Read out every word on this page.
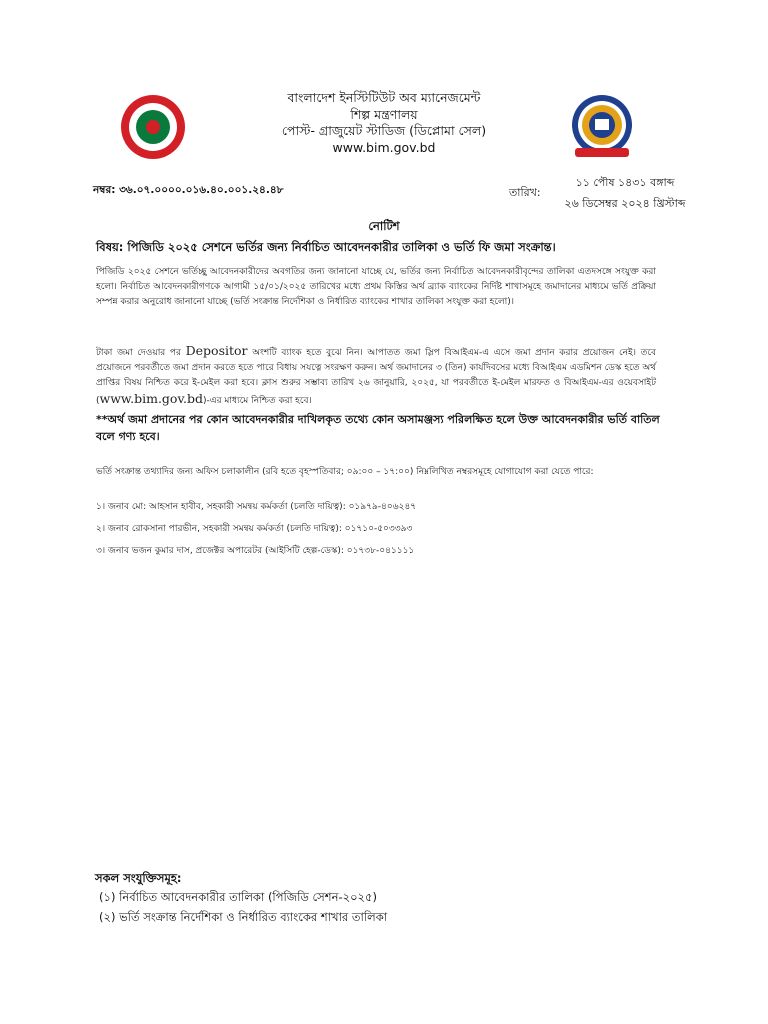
বাংলাদেশ ইনস্টিটিউট অব ম্যানেজমেন্ট
শিল্প মন্ত্রণালয়
পোস্ট- গ্রাজুয়েট স্টাডিজ (ডিপ্লোমা সেল)
www.bim.gov.bd
নম্বর: ৩৬.০৭.০০০০.০১৬.৪০.০০১.২৪.৪৮	তারিখ:
১১ পৌষ ১৪৩১ বঙ্গাব্দ
২৬ ডিসেম্বর ২০২৪ খ্রিস্টাব্দ
নোটিশ
বিষয়: পিজিডি ২০২৫ সেশনে ভর্তির জন্য নির্বাচিত আবেদনকারীর তালিকা ও ভর্তি ফি জমা সংক্রান্ত।
পিজিডি ২০২৫ সেশনে ভর্তিচ্ছু আবেদনকারীদের অবগতির জন্য জানানো যাচ্ছে যে, ভর্তির জন্য নির্বাচিত আবেদনকারীবৃন্দের তালিকা এতদসঙ্গে সংযুক্ত করা হলো। নির্বাচিত আবেদনকারীগণকে আগামী ১৫/০১/২০২৫ তারিখের মধ্যে প্রথম কিস্তির অর্থ ব্র্যাক ব্যাংকের নির্দিষ্ট শাখাসমূহে জমাদানের মাধ্যমে ভর্তি প্রক্রিয়া সম্পন্ন করার অনুরোধ জানানো যাচ্ছে (ভর্তি সংক্রান্ত নির্দেশিকা ও নির্ধারিত ব্যাংকের শাখার তালিকা সংযুক্ত করা হলো)।
টাকা জমা দেওয়ার পর Depositor অংশটি ব্যাংক হতে বুঝে নিন। আপাতত জমা স্লিপ বিআইএম-এ এসে জমা প্রদান করার প্রয়োজন নেই। তবে প্রয়োজনে পরবর্তীতে জমা প্রদান করতে হতে পারে বিধায় সযত্নে সংরক্ষণ করুন। অর্থ জমাদানের ৩ (তিন) কার্যদিবসের মধ্যে বিআইএম এডমিশন ডেস্ক হতে অর্থ প্রাপ্তির বিষয় নিশ্চিত করে ই-মেইল করা হবে। ক্লাস শুরুর সম্ভাব্য তারিখ ২৬ জানুয়ারি, ২০২৫, যা পরবর্তীতে ই-মেইল মারফত ও বিআইএম-এর ওয়েবসাইট (www.bim.gov.bd)-এর মাধ্যমে নিশ্চিত করা হবে।
**অর্থ জমা প্রদানের পর কোন আবেদনকারীর দাখিলকৃত তথ্যে কোন অসামঞ্জস্য পরিলক্ষিত হলে উক্ত আবেদনকারীর ভর্তি বাতিল বলে গণ্য হবে।
ভর্তি সংক্রান্ত তথ্যাদির জন্য অফিস চলাকালীন (রবি হতে বৃহস্পতিবার; ০৯:০০ – ১৭:০০) নিম্নলিখিত নম্বরসমূহে যোগাযোগ করা যেতে পারে:
১। জনাব মো: আহসান হাবীব, সহকারী সমন্বয় কর্মকর্তা (চলতি দায়িত্ব): ০১৯৭৯-৪০৬২৪৭
২। জনাব রোকসানা পারভীন, সহকারী সমন্বয় কর্মকর্তা (চলতি দায়িত্ব): ০১৭১০-৫০৩৩৯৩
৩। জনাব ভজন কুমার দাস, প্রজেক্টর অপারেটর (আইসিটি হেল্প-ডেস্ক): ০১৭৩৮-০৪১১১১
সকল সংযুক্তিসমূহ:
(১) নির্বাচিত আবেদনকারীর তালিকা (পিজিডি সেশন-২০২৫)
(২) ভর্তি সংক্রান্ত নির্দেশিকা ও নির্ধারিত ব্যাংকের শাখার তালিকা
